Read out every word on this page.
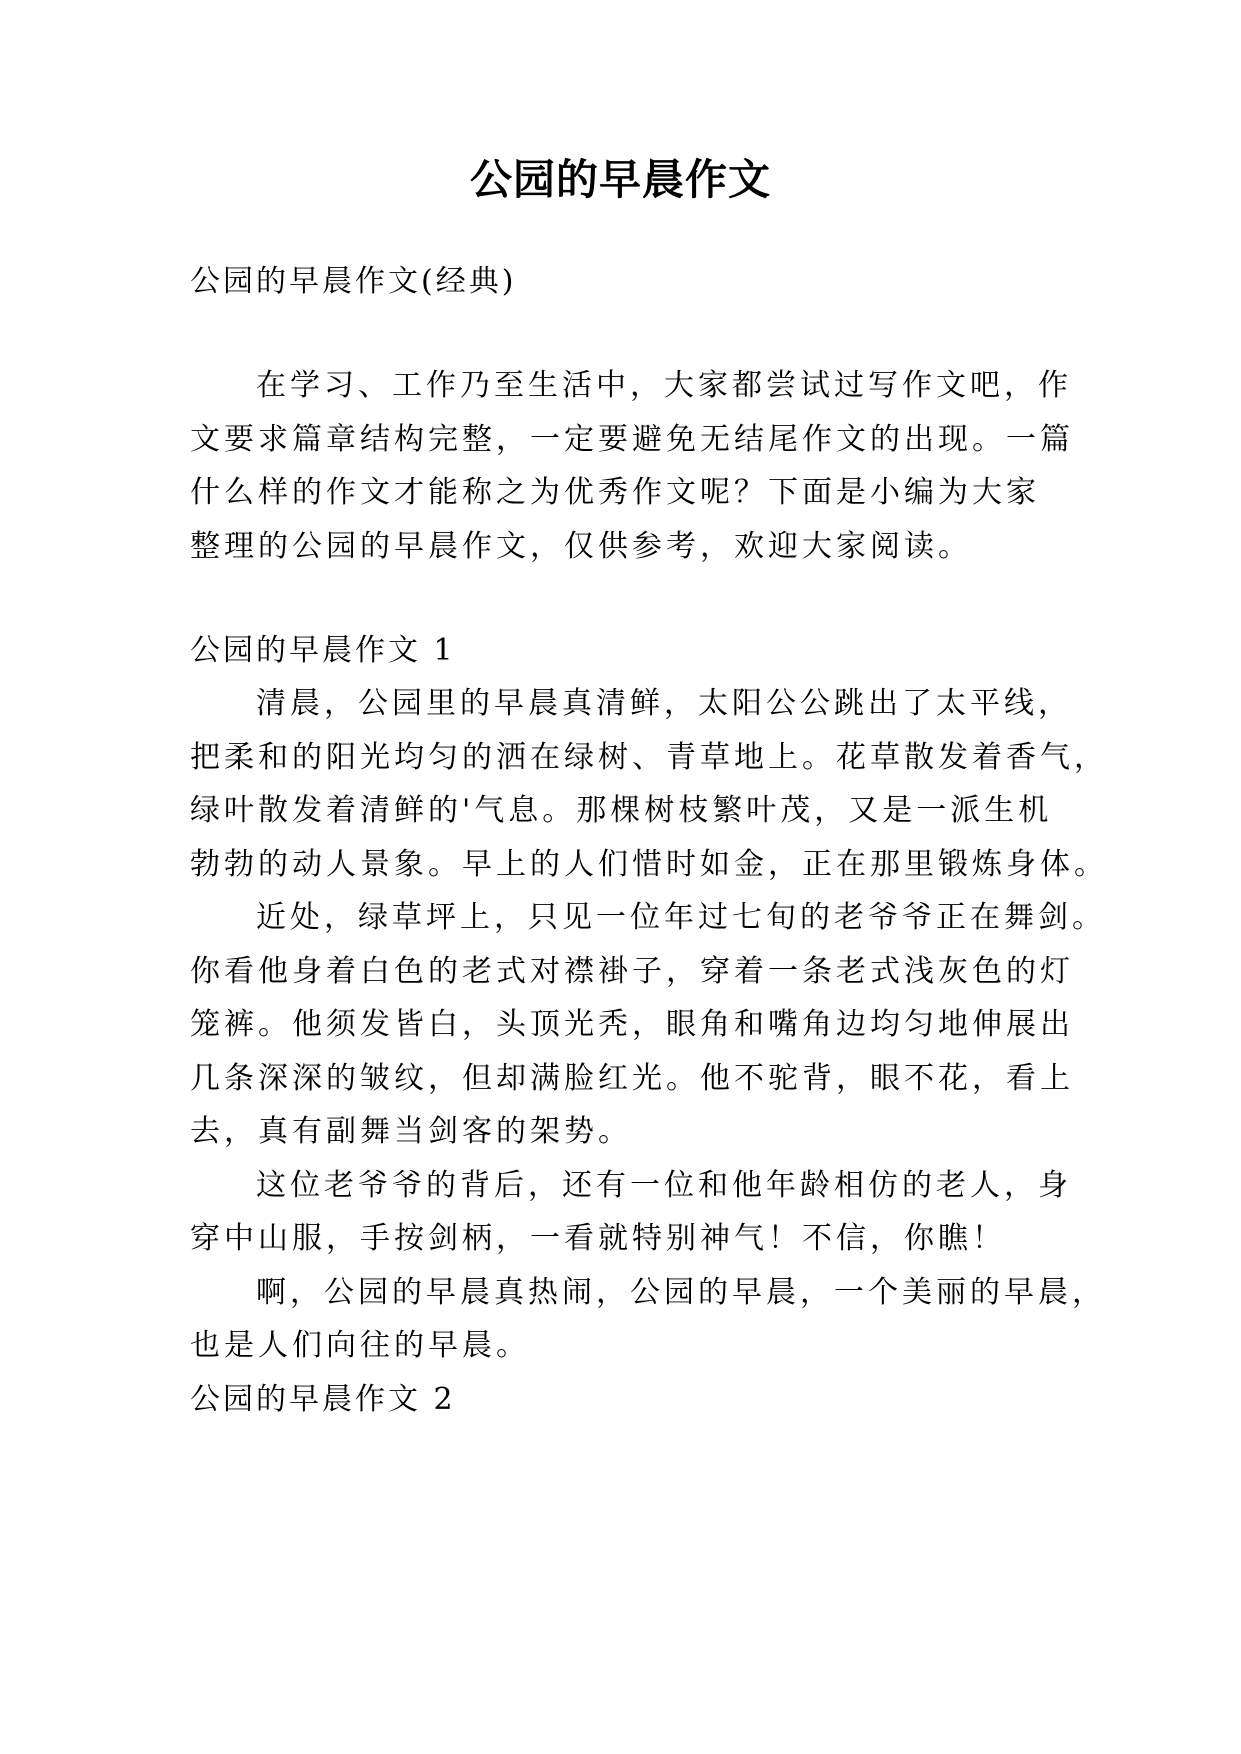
公园的早晨作文
公园的早晨作文(经典)
在学习、工作乃至生活中，大家都尝试过写作文吧，作
文要求篇章结构完整，一定要避免无结尾作文的出现。一篇
什么样的作文才能称之为优秀作文呢？下面是小编为大家
整理的公园的早晨作文，仅供参考，欢迎大家阅读。
公园的早晨作文 1
清晨，公园里的早晨真清鲜，太阳公公跳出了太平线，
把柔和的阳光均匀的洒在绿树、青草地上。花草散发着香气，
绿叶散发着清鲜的'气息。那棵树枝繁叶茂，又是一派生机
勃勃的动人景象。早上的人们惜时如金，正在那里锻炼身体。
近处，绿草坪上，只见一位年过七旬的老爷爷正在舞剑。
你看他身着白色的老式对襟褂子，穿着一条老式浅灰色的灯
笼裤。他须发皆白，头顶光秃，眼角和嘴角边均匀地伸展出
几条深深的皱纹，但却满脸红光。他不驼背，眼不花，看上
去，真有副舞当剑客的架势。
这位老爷爷的背后，还有一位和他年龄相仿的老人，身
穿中山服，手按剑柄，一看就特别神气！不信，你瞧！
啊，公园的早晨真热闹，公园的早晨，一个美丽的早晨，
也是人们向往的早晨。
公园的早晨作文 2
